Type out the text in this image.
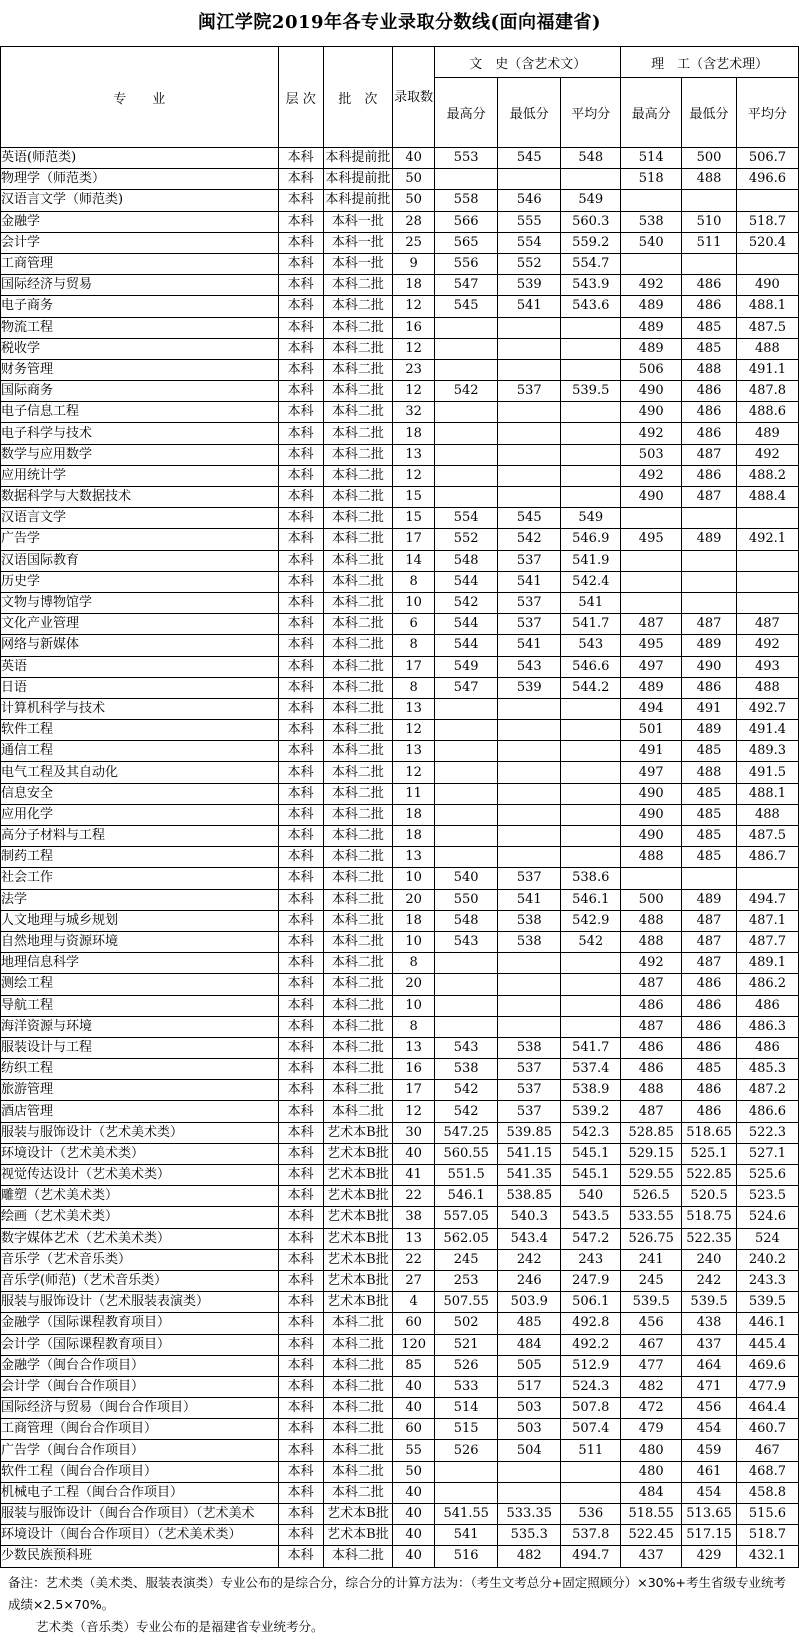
闽江学院2019年各专业录取分数线(面向福建省)
专　　业	层 次	批　次	录取数	文　史（含艺术文）			理　工（含艺术理）		
				最高分	最低分	平均分	最高分	最低分	平均分
英语(师范类)	本科	本科提前批	40	553	545	548	514	500	506.7
物理学（师范类）	本科	本科提前批	50				518	488	496.6
汉语言文学（师范类)	本科	本科提前批	50	558	546	549			
金融学	本科	本科一批	28	566	555	560.3	538	510	518.7
会计学	本科	本科一批	25	565	554	559.2	540	511	520.4
工商管理	本科	本科一批	9	556	552	554.7			
国际经济与贸易	本科	本科二批	18	547	539	543.9	492	486	490
电子商务	本科	本科二批	12	545	541	543.6	489	486	488.1
物流工程	本科	本科二批	16				489	485	487.5
税收学	本科	本科二批	12				489	485	488
财务管理	本科	本科二批	23				506	488	491.1
国际商务	本科	本科二批	12	542	537	539.5	490	486	487.8
电子信息工程	本科	本科二批	32				490	486	488.6
电子科学与技术	本科	本科二批	18				492	486	489
数学与应用数学	本科	本科二批	13				503	487	492
应用统计学	本科	本科二批	12				492	486	488.2
数据科学与大数据技术	本科	本科二批	15				490	487	488.4
汉语言文学	本科	本科二批	15	554	545	549			
广告学	本科	本科二批	17	552	542	546.9	495	489	492.1
汉语国际教育	本科	本科二批	14	548	537	541.9			
历史学	本科	本科二批	8	544	541	542.4			
文物与博物馆学	本科	本科二批	10	542	537	541			
文化产业管理	本科	本科二批	6	544	537	541.7	487	487	487
网络与新媒体	本科	本科二批	8	544	541	543	495	489	492
英语	本科	本科二批	17	549	543	546.6	497	490	493
日语	本科	本科二批	8	547	539	544.2	489	486	488
计算机科学与技术	本科	本科二批	13				494	491	492.7
软件工程	本科	本科二批	12				501	489	491.4
通信工程	本科	本科二批	13				491	485	489.3
电气工程及其自动化	本科	本科二批	12				497	488	491.5
信息安全	本科	本科二批	11				490	485	488.1
应用化学	本科	本科二批	18				490	485	488
高分子材料与工程	本科	本科二批	18				490	485	487.5
制药工程	本科	本科二批	13				488	485	486.7
社会工作	本科	本科二批	10	540	537	538.6			
法学	本科	本科二批	20	550	541	546.1	500	489	494.7
人文地理与城乡规划	本科	本科二批	18	548	538	542.9	488	487	487.1
自然地理与资源环境	本科	本科二批	10	543	538	542	488	487	487.7
地理信息科学	本科	本科二批	8				492	487	489.1
测绘工程	本科	本科二批	20				487	486	486.2
导航工程	本科	本科二批	10				486	486	486
海洋资源与环境	本科	本科二批	8				487	486	486.3
服装设计与工程	本科	本科二批	13	543	538	541.7	486	486	486
纺织工程	本科	本科二批	16	538	537	537.4	486	485	485.3
旅游管理	本科	本科二批	17	542	537	538.9	488	486	487.2
酒店管理	本科	本科二批	12	542	537	539.2	487	486	486.6
服装与服饰设计（艺术美术类）	本科	艺术本B批	30	547.25	539.85	542.3	528.85	518.65	522.3
环境设计（艺术美术类）	本科	艺术本B批	40	560.55	541.15	545.1	529.15	525.1	527.1
视觉传达设计（艺术美术类）	本科	艺术本B批	41	551.5	541.35	545.1	529.55	522.85	525.6
雕塑（艺术美术类）	本科	艺术本B批	22	546.1	538.85	540	526.5	520.5	523.5
绘画（艺术美术类）	本科	艺术本B批	38	557.05	540.3	543.5	533.55	518.75	524.6
数字媒体艺术（艺术美术类）	本科	艺术本B批	13	562.05	543.4	547.2	526.75	522.35	524
音乐学（艺术音乐类）	本科	艺术本B批	22	245	242	243	241	240	240.2
音乐学(师范)（艺术音乐类）	本科	艺术本B批	27	253	246	247.9	245	242	243.3
服装与服饰设计（艺术服装表演类）	本科	艺术本B批	4	507.55	503.9	506.1	539.5	539.5	539.5
金融学（国际课程教育项目）	本科	本科二批	60	502	485	492.8	456	438	446.1
会计学（国际课程教育项目）	本科	本科二批	120	521	484	492.2	467	437	445.4
金融学（闽台合作项目）	本科	本科二批	85	526	505	512.9	477	464	469.6
会计学（闽台合作项目）	本科	本科二批	40	533	517	524.3	482	471	477.9
国际经济与贸易（闽台合作项目）	本科	本科二批	40	514	503	507.8	472	456	464.4
工商管理（闽台合作项目）	本科	本科二批	60	515	503	507.4	479	454	460.7
广告学（闽台合作项目）	本科	本科二批	55	526	504	511	480	459	467
软件工程（闽台合作项目）	本科	本科二批	50				480	461	468.7
机械电子工程（闽台合作项目）	本科	本科二批	40				484	454	458.8
服装与服饰设计（闽台合作项目）（艺术美术	本科	艺术本B批	40	541.55	533.35	536	518.55	513.65	515.6
环境设计（闽台合作项目）（艺术美术类）	本科	艺术本B批	40	541	535.3	537.8	522.45	517.15	518.7
少数民族预科班	本科	本科二批	40	516	482	494.7	437	429	432.1
备注：艺术类（美术类、服装表演类）专业公布的是综合分，综合分的计算方法为：（考生文考总分+固定照顾分）×30%+考生省级专业统考成绩×2.5×70%。
艺术类（音乐类）专业公布的是福建省专业统考分。
